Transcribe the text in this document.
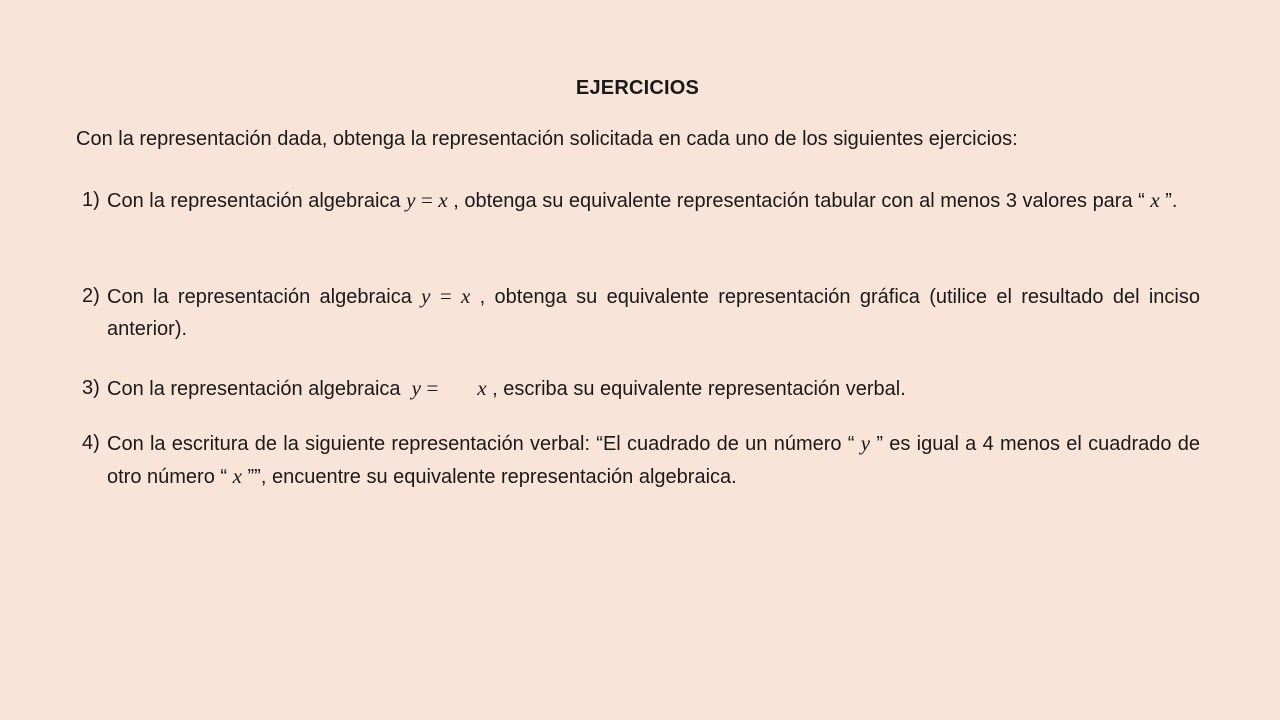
EJERCICIOS
Con la representación dada, obtenga la representación solicitada en cada uno de los siguientes ejercicios:
1) Con la representación algebraica y = x , obtenga su equivalente representación tabular con al menos 3 valores para “ x ”.
2) Con la representación algebraica y = x , obtenga su equivalente representación gráfica (utilice el resultado del inciso anterior).
3) Con la representación algebraica y = x , escriba su equivalente representación verbal.
4) Con la escritura de la siguiente representación verbal: “El cuadrado de un número “ y ” es igual a 4 menos el cuadrado de otro número “ x ””, encuentre su equivalente representación algebraica.
